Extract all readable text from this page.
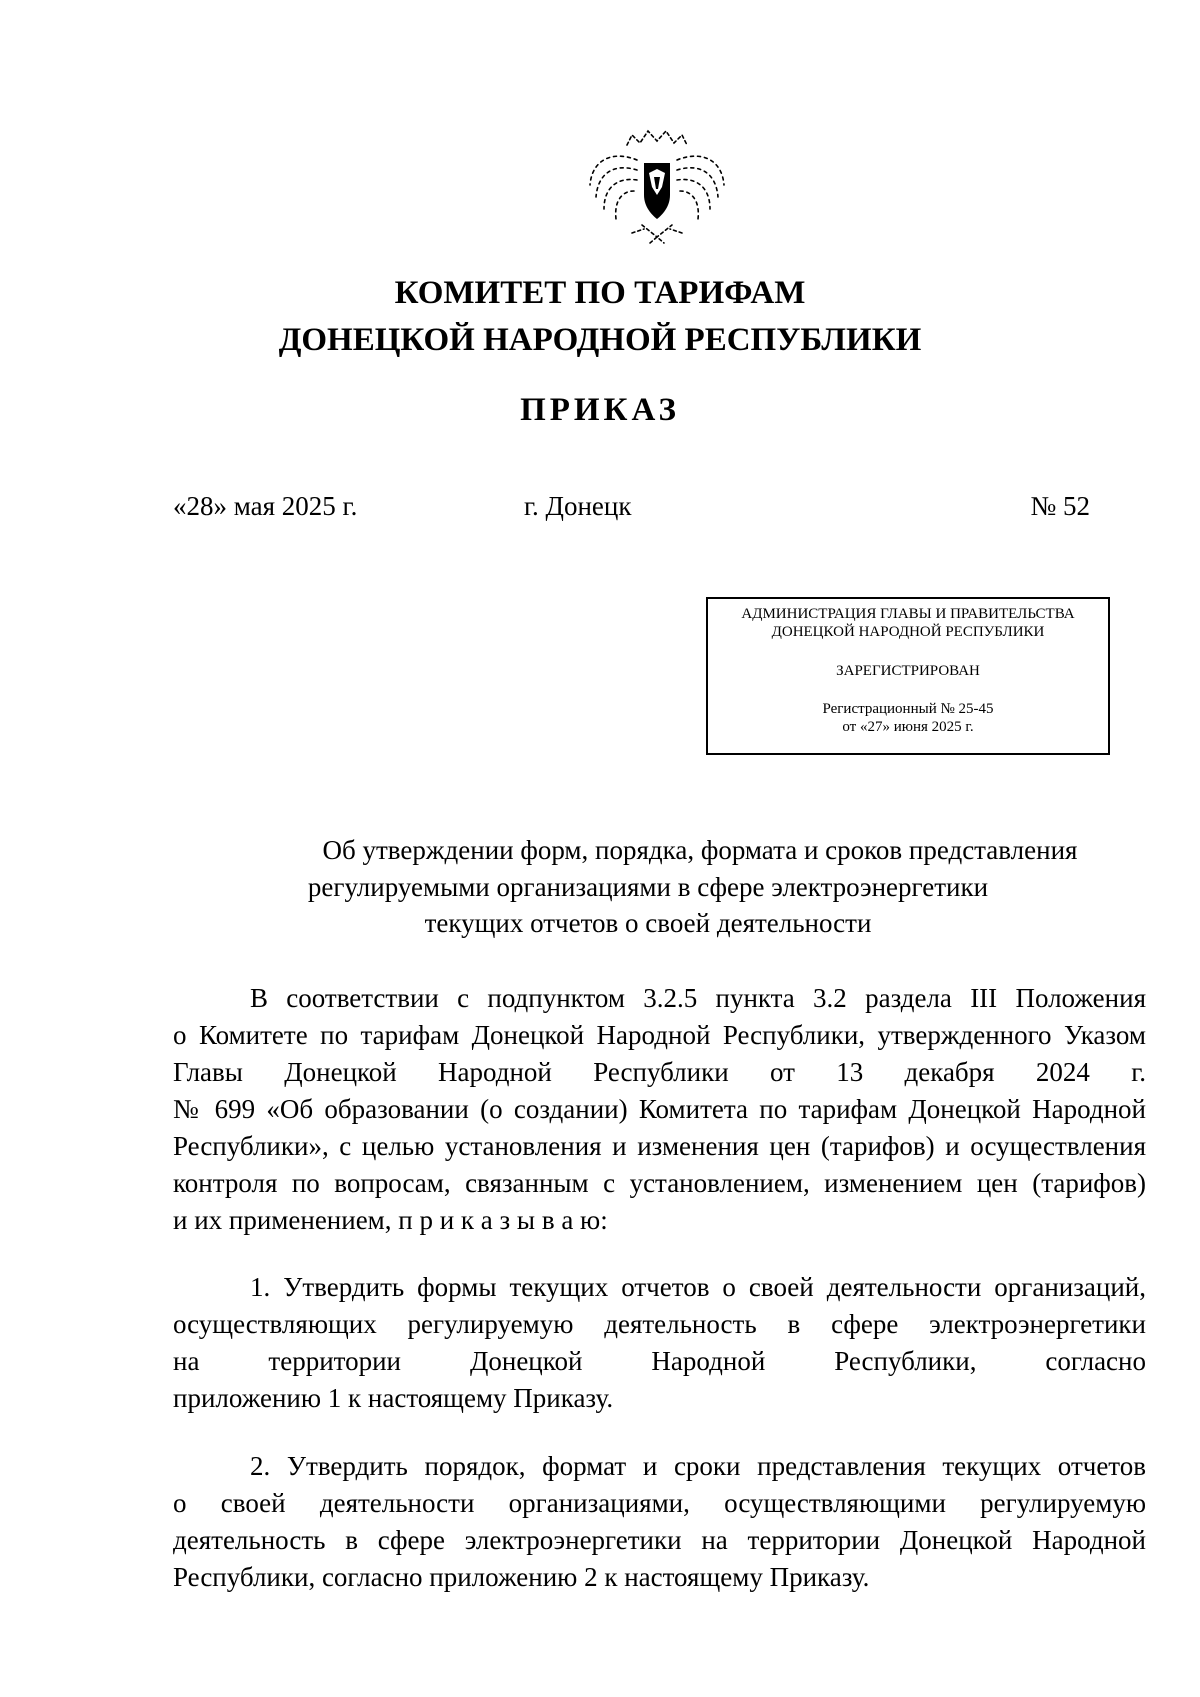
КОМИТЕТ ПО ТАРИФАМ
ДОНЕЦКОЙ НАРОДНОЙ РЕСПУБЛИКИ
ПРИКАЗ
«28» мая 2025 г.	г. Донецк	№ 52
АДМИНИСТРАЦИЯ ГЛАВЫ И ПРАВИТЕЛЬСТВА
ДОНЕЦКОЙ НАРОДНОЙ РЕСПУБЛИКИ
ЗАРЕГИСТРИРОВАН
Регистрационный № 25-45
от «27» июня 2025 г.
Об утверждении форм, порядка, формата и сроков представления
регулируемыми организациями в сфере электроэнергетики
текущих отчетов о своей деятельности
В соответствии с подпунктом 3.2.5 пункта 3.2 раздела III Положения
о Комитете по тарифам Донецкой Народной Республики, утвержденного Указом
Главы Донецкой Народной Республики от 13 декабря 2024 г.
№ 699 «Об образовании (о создании) Комитета по тарифам Донецкой Народной
Республики», с целью установления и изменения цен (тарифов) и осуществления
контроля по вопросам, связанным с установлением, изменением цен (тарифов)
и их применением, п р и к а з ы в а ю:
1. Утвердить формы текущих отчетов о своей деятельности организаций,
осуществляющих регулируемую деятельность в сфере электроэнергетики
на территории Донецкой Народной Республики, согласно
приложению 1 к настоящему Приказу.
2. Утвердить порядок, формат и сроки представления текущих отчетов
о своей деятельности организациями, осуществляющими регулируемую
деятельность в сфере электроэнергетики на территории Донецкой Народной
Республики, согласно приложению 2 к настоящему Приказу.
